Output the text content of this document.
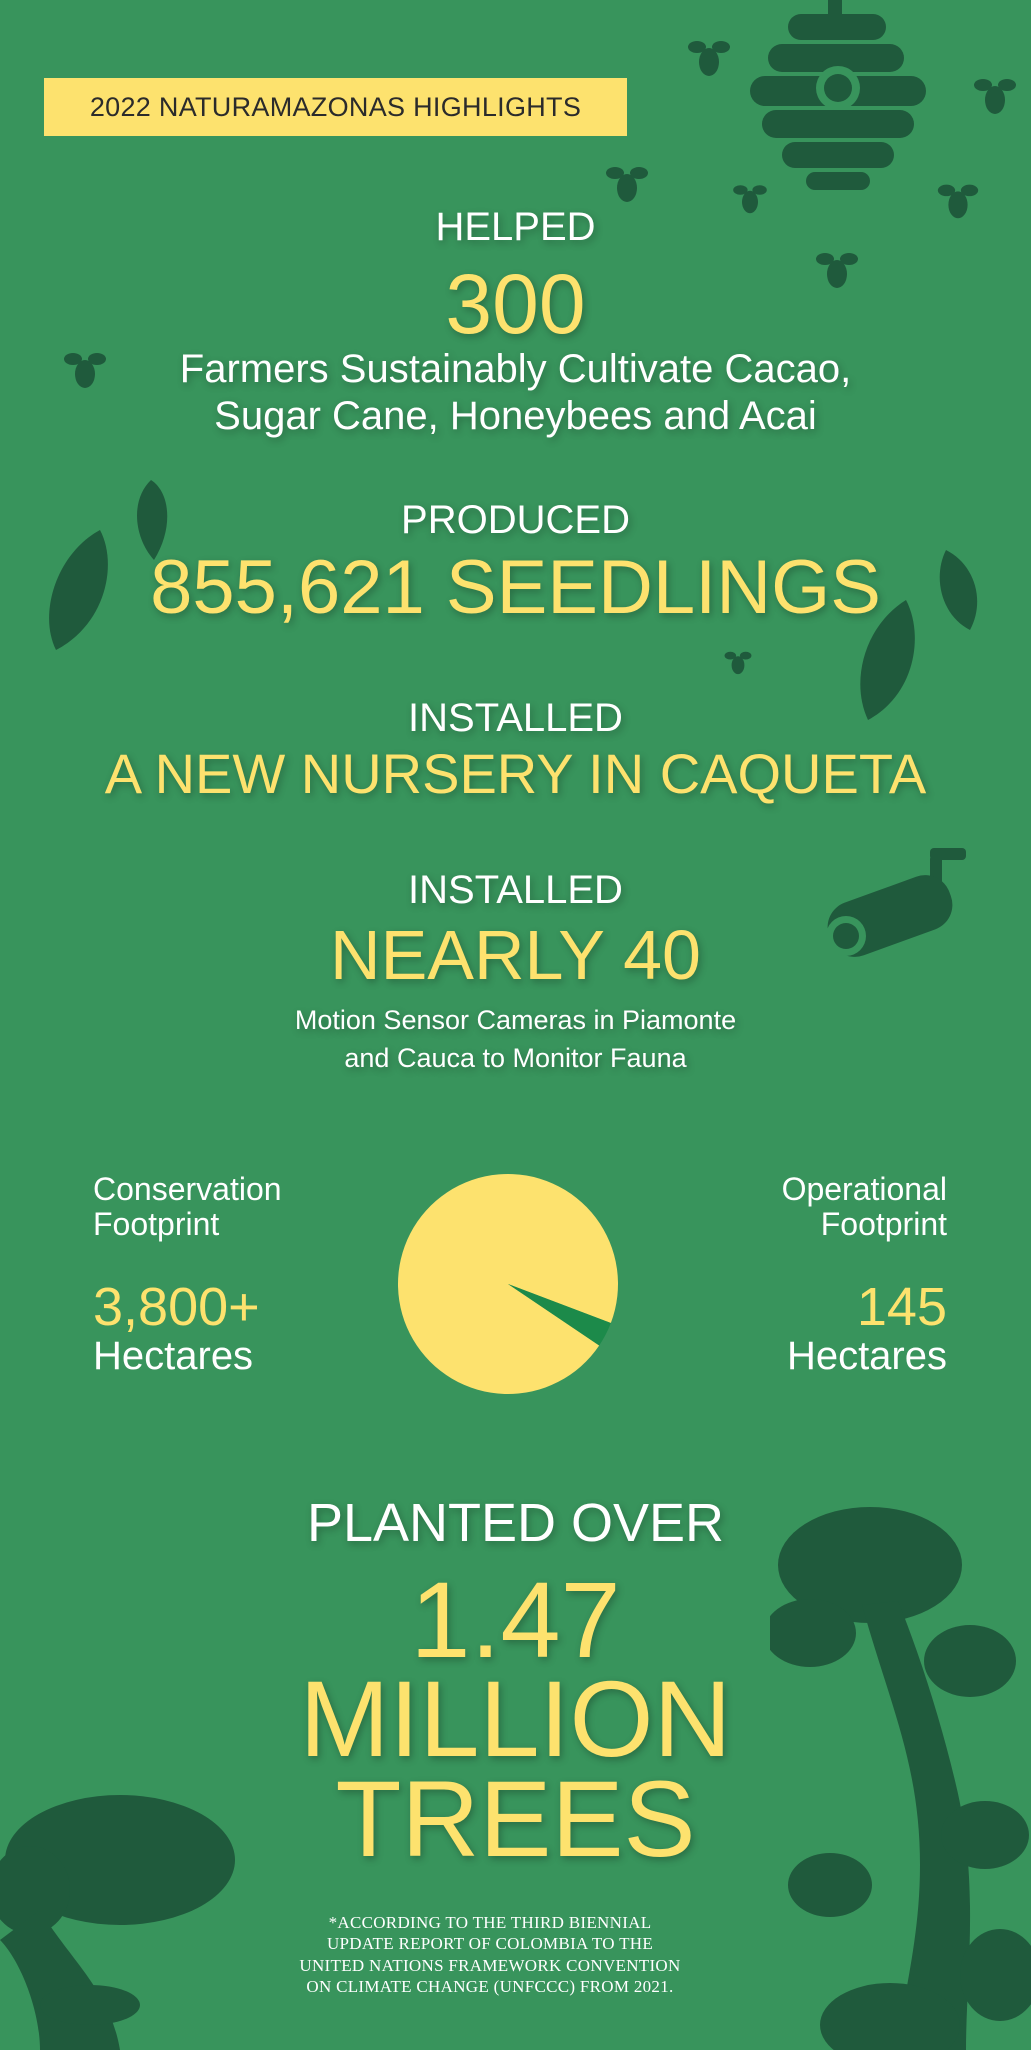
2022 NATURAMAZONAS HIGHLIGHTS
HELPED
300
Farmers Sustainably Cultivate Cacao,
Sugar Cane, Honeybees and Acai
PRODUCED
855,621 SEEDLINGS
INSTALLED
A NEW NURSERY IN CAQUETA
INSTALLED
NEARLY 40
Motion Sensor Cameras in Piamonte
and Cauca to Monitor Fauna
Conservation
Footprint
3,800+
Hectares
Operational
Footprint
145
Hectares
PLANTED OVER
1.47
MILLION
TREES
*ACCORDING TO THE THIRD BIENNIAL
UPDATE REPORT OF COLOMBIA TO THE
UNITED NATIONS FRAMEWORK CONVENTION
ON CLIMATE CHANGE (UNFCCC) FROM 2021.
